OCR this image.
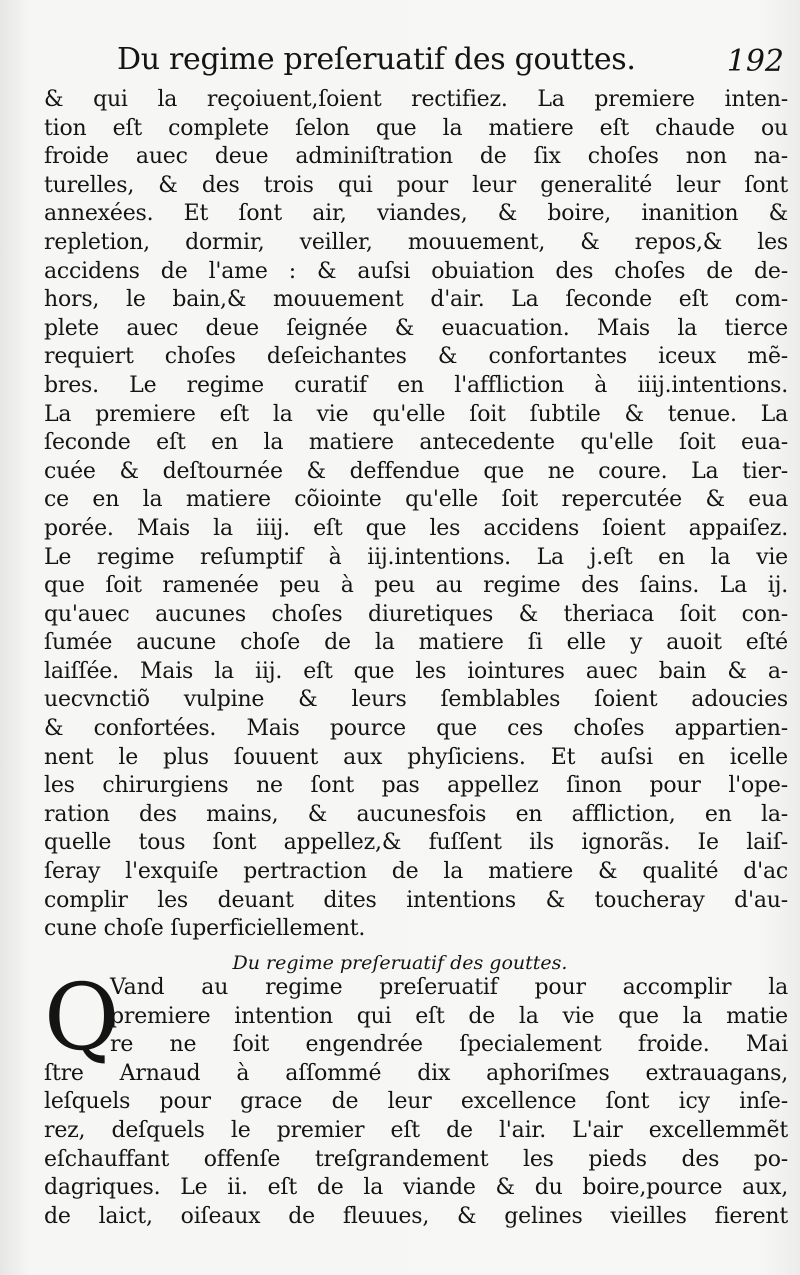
Du regime preſeruatif des gouttes.	192
& qui la reçoiuent,ſoient rectifiez. La premiere inten-
tion eſt complete ſelon que la matiere eſt chaude ou
froide auec deue adminiſtration de ſix choſes non na-
turelles, & des trois qui pour leur generalité leur ſont
annexées. Et ſont air, viandes, & boire, inanition &
repletion, dormir, veiller, mouuement, & repos,& les
accidens de l'ame : & auſsi obuiation des choſes de de-
hors, le bain,& mouuement d'air. La ſeconde eſt com-
plete auec deue ſeignée & euacuation. Mais la tierce
requiert choſes deſeichantes & confortantes iceux mẽ-
bres. Le regime curatif en l'affliction à iiij.intentions.
La premiere eſt la vie qu'elle ſoit ſubtile & tenue. La
ſeconde eſt en la matiere antecedente qu'elle ſoit eua-
cuée & deſtournée & deffendue que ne coure. La tier-
ce en la matiere cõiointe qu'elle ſoit repercutée & eua
porée. Mais la iiij. eſt que les accidens ſoient appaiſez.
Le regime reſumptif à iij.intentions. La j.eſt en la vie
que ſoit ramenée peu à peu au regime des ſains. La ij.
qu'auec aucunes choſes diuretiques & theriaca ſoit con-
ſumée aucune choſe de la matiere ſi elle y auoit eſté
laiſſée. Mais la iij. eſt que les iointures auec bain & a-
uecvnctiõ vulpine & leurs ſemblables ſoient adoucies
& confortées. Mais pource que ces choſes appartien-
nent le plus ſouuent aux phyſiciens. Et auſsi en icelle
les chirurgiens ne ſont pas appellez ſinon pour l'ope-
ration des mains, & aucunesfois en affliction, en la-
quelle tous ſont appellez,& fuſſent ils ignorãs. Ie laiſ-
ſeray l'exquiſe pertraction de la matiere & qualité d'ac
complir les deuant dites intentions & toucheray d'au-
cune choſe ſuperficiellement.
Du regime preſeruatif des gouttes.
Q
Vand au regime preſeruatif pour accomplir la
premiere intention qui eſt de la vie que la matie
re ne ſoit engendrée ſpecialement froide. Mai
ſtre Arnaud à aſſommé dix aphoriſmes extrauagans,
leſquels pour grace de leur excellence ſont icy inſe-
rez, deſquels le premier eſt de l'air. L'air excellemmẽt
eſchauffant offenſe treſgrandement les pieds des po-
dagriques. Le ii. eſt de la viande & du boire,pource aux,
de laict, oiſeaux de fleuues, & gelines vieilles fierent
